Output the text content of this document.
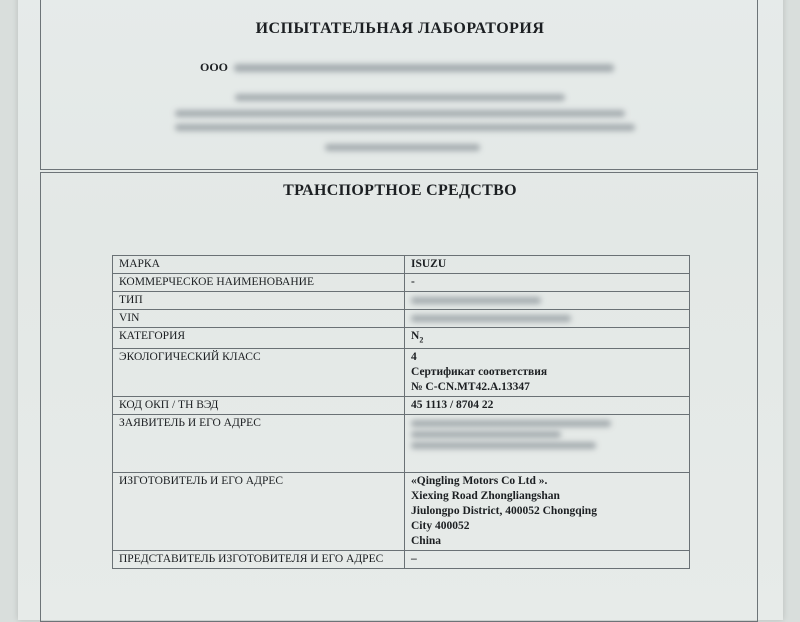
ИСПЫТАТЕЛЬНАЯ ЛАБОРАТОРИЯ
ООО
ТРАНСПОРТНОЕ СРЕДСТВО
МАРКА	ISUZU
КОММЕРЧЕСКОЕ НАИМЕНОВАНИЕ	-
ТИП	

VIN	

КАТЕГОРИЯ	$N_2$
ЭКОЛОГИЧЕСКИЙ КЛАСС	4
Сертификат соответствия
№ C-CN.MT42.A.13347

КОД ОКП / ТН ВЭД	45 1113 / 8704 22
ЗАЯВИТЕЛЬ И ЕГО АДРЕС	

ИЗГОТОВИТЕЛЬ И ЕГО АДРЕС	«Qingling Motors Co Ltd ».
Xiexing Road Zhongliangshan
Jiulongpo District, 400052 Chongqing
City 400052
China

ПРЕДСТАВИТЕЛЬ ИЗГОТОВИТЕЛЯ И ЕГО АДРЕС	–
